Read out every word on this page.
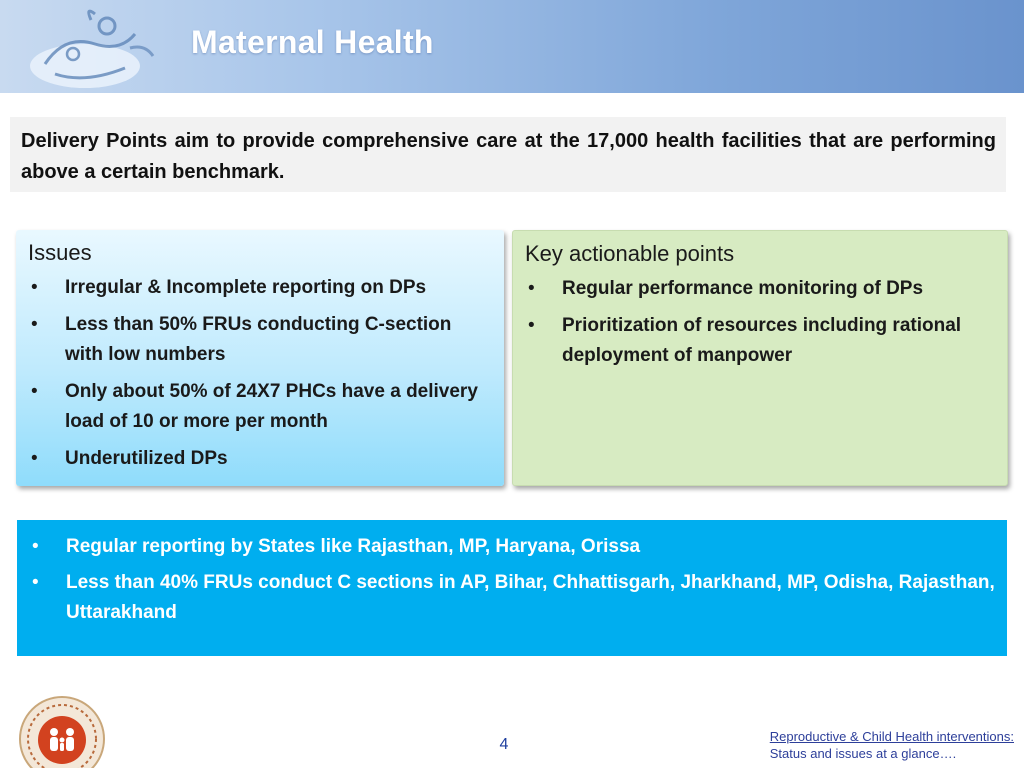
Maternal Health

Delivery Points aim to provide comprehensive care at the 17,000 health facilities that are performing above a certain benchmark.

Issues
• Irregular & Incomplete reporting on DPs
• Less than 50% FRUs conducting C-section with low numbers
• Only about 50% of 24X7 PHCs have a delivery load of 10 or more per month
• Underutilized DPs
Key actionable points
• Regular performance monitoring of DPs
• Prioritization of resources including rational deployment of manpower
• Regular reporting by States like Rajasthan, MP, Haryana, Orissa
• Less than 40% FRUs conduct C sections in AP, Bihar, Chhattisgarh, Jharkhand, MP, Odisha, Rajasthan, Uttarakhand
4	Reproductive & Child Health interventions:
Status and issues at a glance….
